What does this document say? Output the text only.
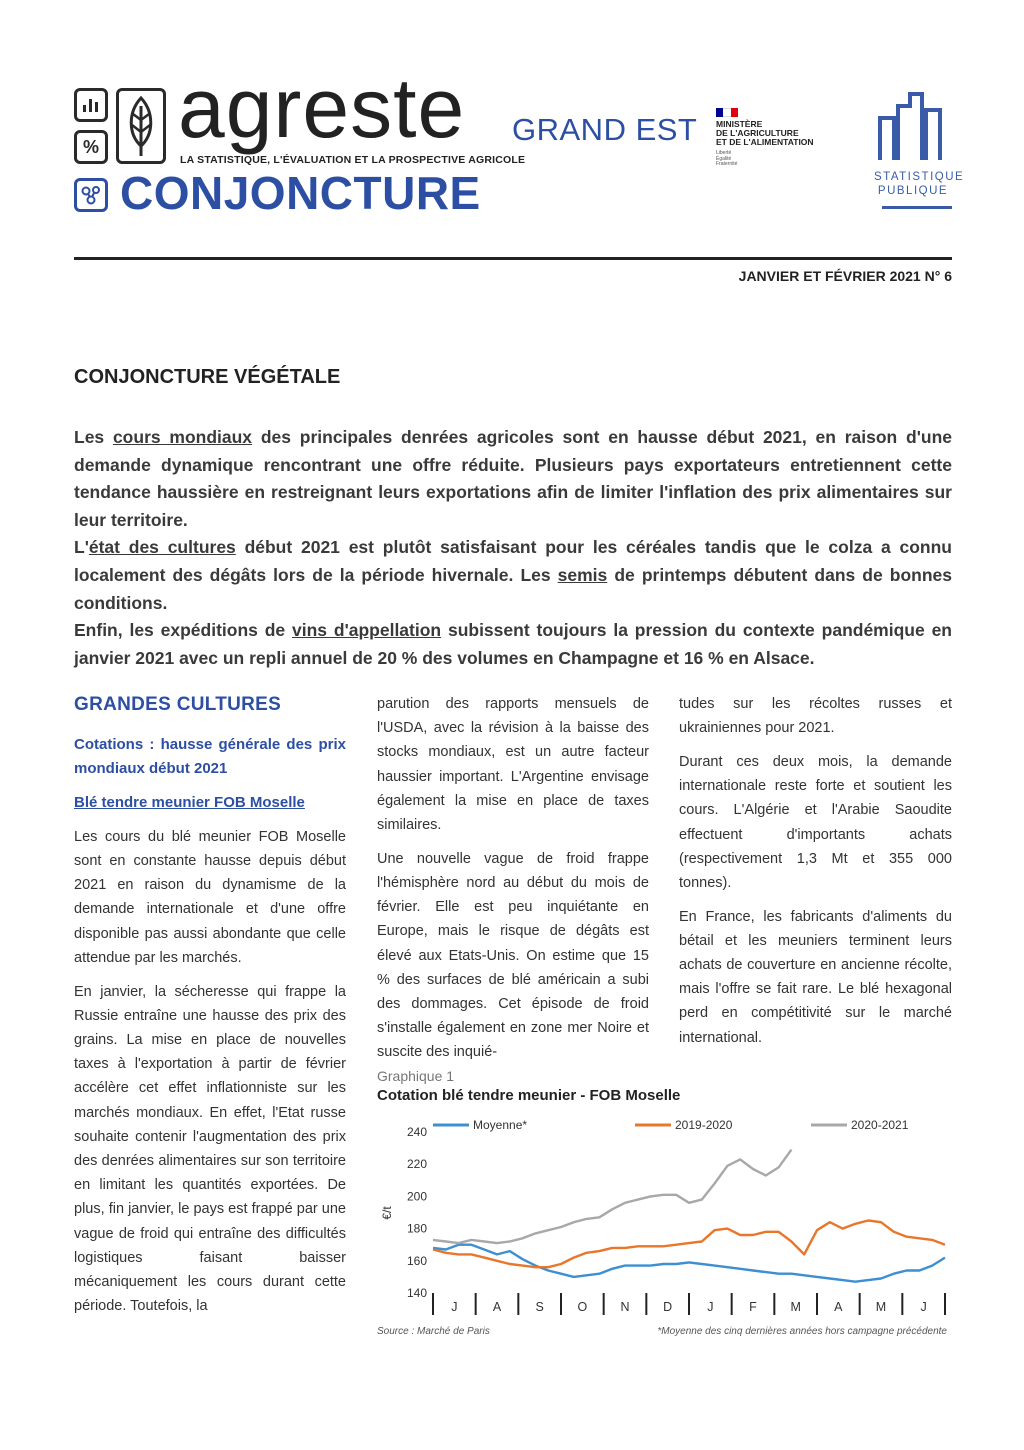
% agreste
LA STATISTIQUE, L'ÉVALUATION ET LA PROSPECTIVE AGRICOLE
CONJONCTURE
GRAND EST MINISTÈRE
DE L'AGRICULTURE
ET DE L'ALIMENTATION
Liberté
Égalité
Fraternité
STATISTIQUE
PUBLIQUE
JANVIER ET FÉVRIER 2021 N° 6
CONJONCTURE VÉGÉTALE

Les cours mondiaux des principales denrées agricoles sont en hausse début 2021, en raison d'une demande dynamique rencontrant une offre réduite. Plusieurs pays exportateurs entretiennent cette tendance haussière en restreignant leurs exportations afin de limiter l'inflation des prix alimentaires sur leur territoire.

L'état des cultures début 2021 est plutôt satisfaisant pour les céréales tandis que le colza a connu localement des dégâts lors de la période hivernale. Les semis de printemps débutent dans de bonnes conditions.

Enfin, les expéditions de vins d'appellation subissent toujours la pression du contexte pandémique en janvier 2021 avec un repli annuel de 20 % des volumes en Champagne et 16 % en Alsace.

GRANDES CULTURES
Cotations : hausse générale des prix mondiaux début 2021
Blé tendre meunier FOB Moselle

Les cours du blé meunier FOB Moselle sont en constante hausse depuis début 2021 en raison du dynamisme de la demande internationale et d'une offre disponible pas aussi abondante que celle attendue par les marchés.

En janvier, la sécheresse qui frappe la Russie entraîne une hausse des prix des grains. La mise en place de nouvelles taxes à l'exportation à partir de février accélère cet effet inflationniste sur les marchés mondiaux. En effet, l'Etat russe souhaite contenir l'augmentation des prix des denrées alimentaires sur son territoire en limitant les quantités exportées. De plus, fin janvier, le pays est frappé par une vague de froid qui entraîne des difficultés logistiques faisant baisser mécaniquement les cours durant cette période. Toutefois, la

parution des rapports mensuels de l'USDA, avec la révision à la baisse des stocks mondiaux, est un autre facteur haussier important. L'Argentine envisage également la mise en place de taxes similaires.

Une nouvelle vague de froid frappe l'hémisphère nord au début du mois de février. Elle est peu inquiétante en Europe, mais le risque de dégâts est élevé aux Etats-Unis. On estime que 15 % des surfaces de blé américain a subi des dommages. Cet épisode de froid s'installe également en zone mer Noire et suscite des inquié-

tudes sur les récoltes russes et ukrainiennes pour 2021.

Durant ces deux mois, la demande internationale reste forte et soutient les cours. L'Algérie et l'Arabie Saoudite effectuent d'importants achats (respectivement 1,3 Mt et 355 000 tonnes).

En France, les fabricants d'aliments du bétail et les meuniers terminent leurs achats de couverture en ancienne récolte, mais l'offre se fait rare. Le blé hexagonal perd en compétitivité sur le marché international.

Graphique 1
Cotation blé tendre meunier - FOB Moselle
140
160
180
200
220
240
€/t
J	A	S	O	N	D	J	F	M	A	M	J
Moyenne*	2019-2020	2020-2021
Source : Marché de Paris	*Moyenne des cinq dernières années hors campagne précédente
